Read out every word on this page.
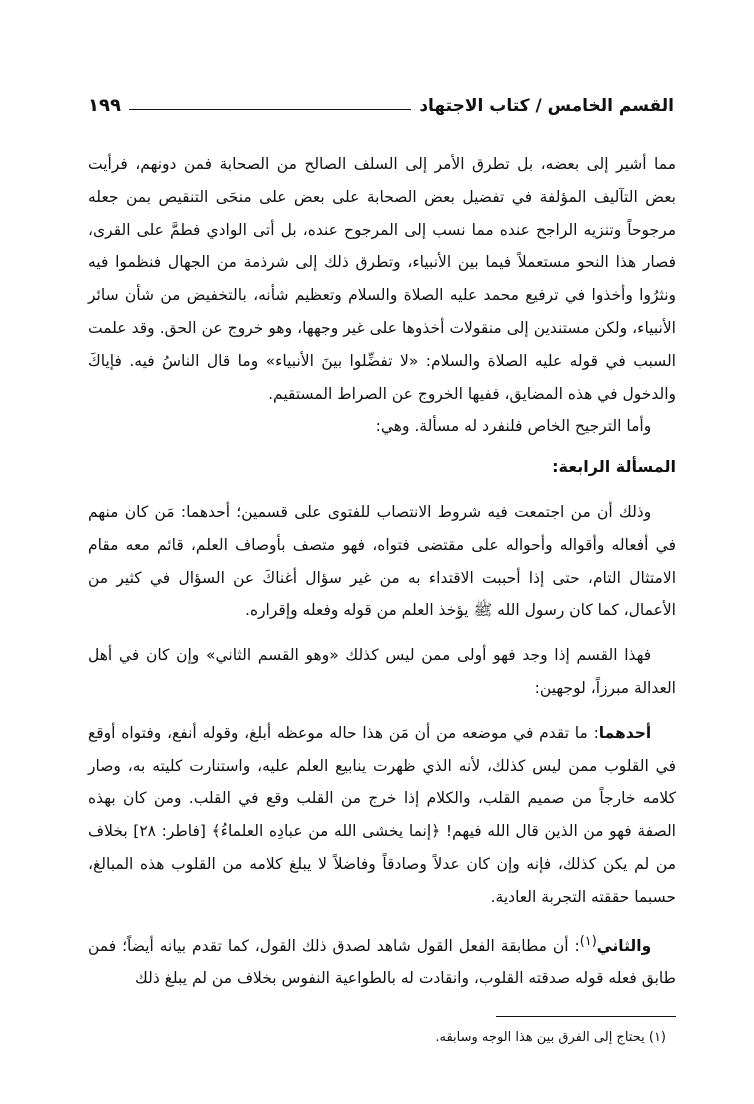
القسم الخامس / كتاب الاجتهاد
١٩٩

مما أشير إلى بعضه، بل تطرق الأمر إلى السلف الصالح من الصحابة فمن دونهم، فرأيت بعض التآليف المؤلفة في تفضيل بعض الصحابة على بعض على منحَى التنقيص بمن جعله مرجوحاً وتنزيه الراجح عنده مما نسب إلى المرجوح عنده، بل أتى الوادي فطمَّ على القرى، فصار هذا النحو مستعملاً فيما بين الأنبياء، وتطرق ذلك إلى شرذمة من الجهال فنظموا فيه ونثرُوا وأخذوا في ترفيع محمد عليه الصلاة والسلام وتعظيم شأنه، بالتخفيض من شأن سائر الأنبياء، ولكن مستندين إلى منقولات أخذوها على غير وجهها، وهو خروج عن الحق. وقد علمت السبب في قوله عليه الصلاة والسلام: «لا تفضِّلوا بينَ الأنبياء» وما قال الناسُ فيه. فإياكَ والدخول في هذه المضايق، ففيها الخروج عن الصراط المستقيم.

وأما الترجيح الخاص فلنفرد له مسألة. وهي:

المسألة الرابعة:

وذلك أن من اجتمعت فيه شروط الانتصاب للفتوى على قسمين؛ أحدهما: مَن كان منهم في أفعاله وأقواله وأحواله على مقتضى فتواه، فهو متصف بأوصاف العلم، قائم معه مقام الامتثال التام، حتى إذا أحببت الاقتداء به من غير سؤال أغناكَ عن السؤال في كثير من الأعمال، كما كان رسول الله ﷺ يؤخذ العلم من قوله وفعله وإقراره.

فهذا القسم إذا وجد فهو أولى ممن ليس كذلك «وهو القسم الثاني» وإن كان في أهل العدالة مبرزاً، لوجهين:

أحدهما: ما تقدم في موضعه من أن مَن هذا حاله موعظه أبلغ، وقوله أنفع، وفتواه أوقع في القلوب ممن ليس كذلك، لأنه الذي ظهرت ينابيع العلم عليه، واستنارت كليته به، وصار كلامه خارجاً من صميم القلب، والكلام إذا خرج من القلب وقع في القلب. ومن كان بهذه الصفة فهو من الذين قال الله فيهم! ﴿إنما يخشى الله من عبادِه العلماءُ﴾ [فاطر: ٢٨] بخلاف من لم يكن كذلك، فإنه وإن كان عدلاً وصادقاً وفاضلاً لا يبلغ كلامه من القلوب هذه المبالغ، حسبما حققته التجربة العادية.

والثاني$^{(١)}$: أن مطابقة الفعل القول شاهد لصدق ذلك القول، كما تقدم بيانه أيضاً؛ فمن طابق فعله قوله صدقته القلوب، وانقادت له بالطواعية النفوس بخلاف من لم يبلغ ذلك

(١) يحتاج إلى الفرق بين هذا الوجه وسابقه.
